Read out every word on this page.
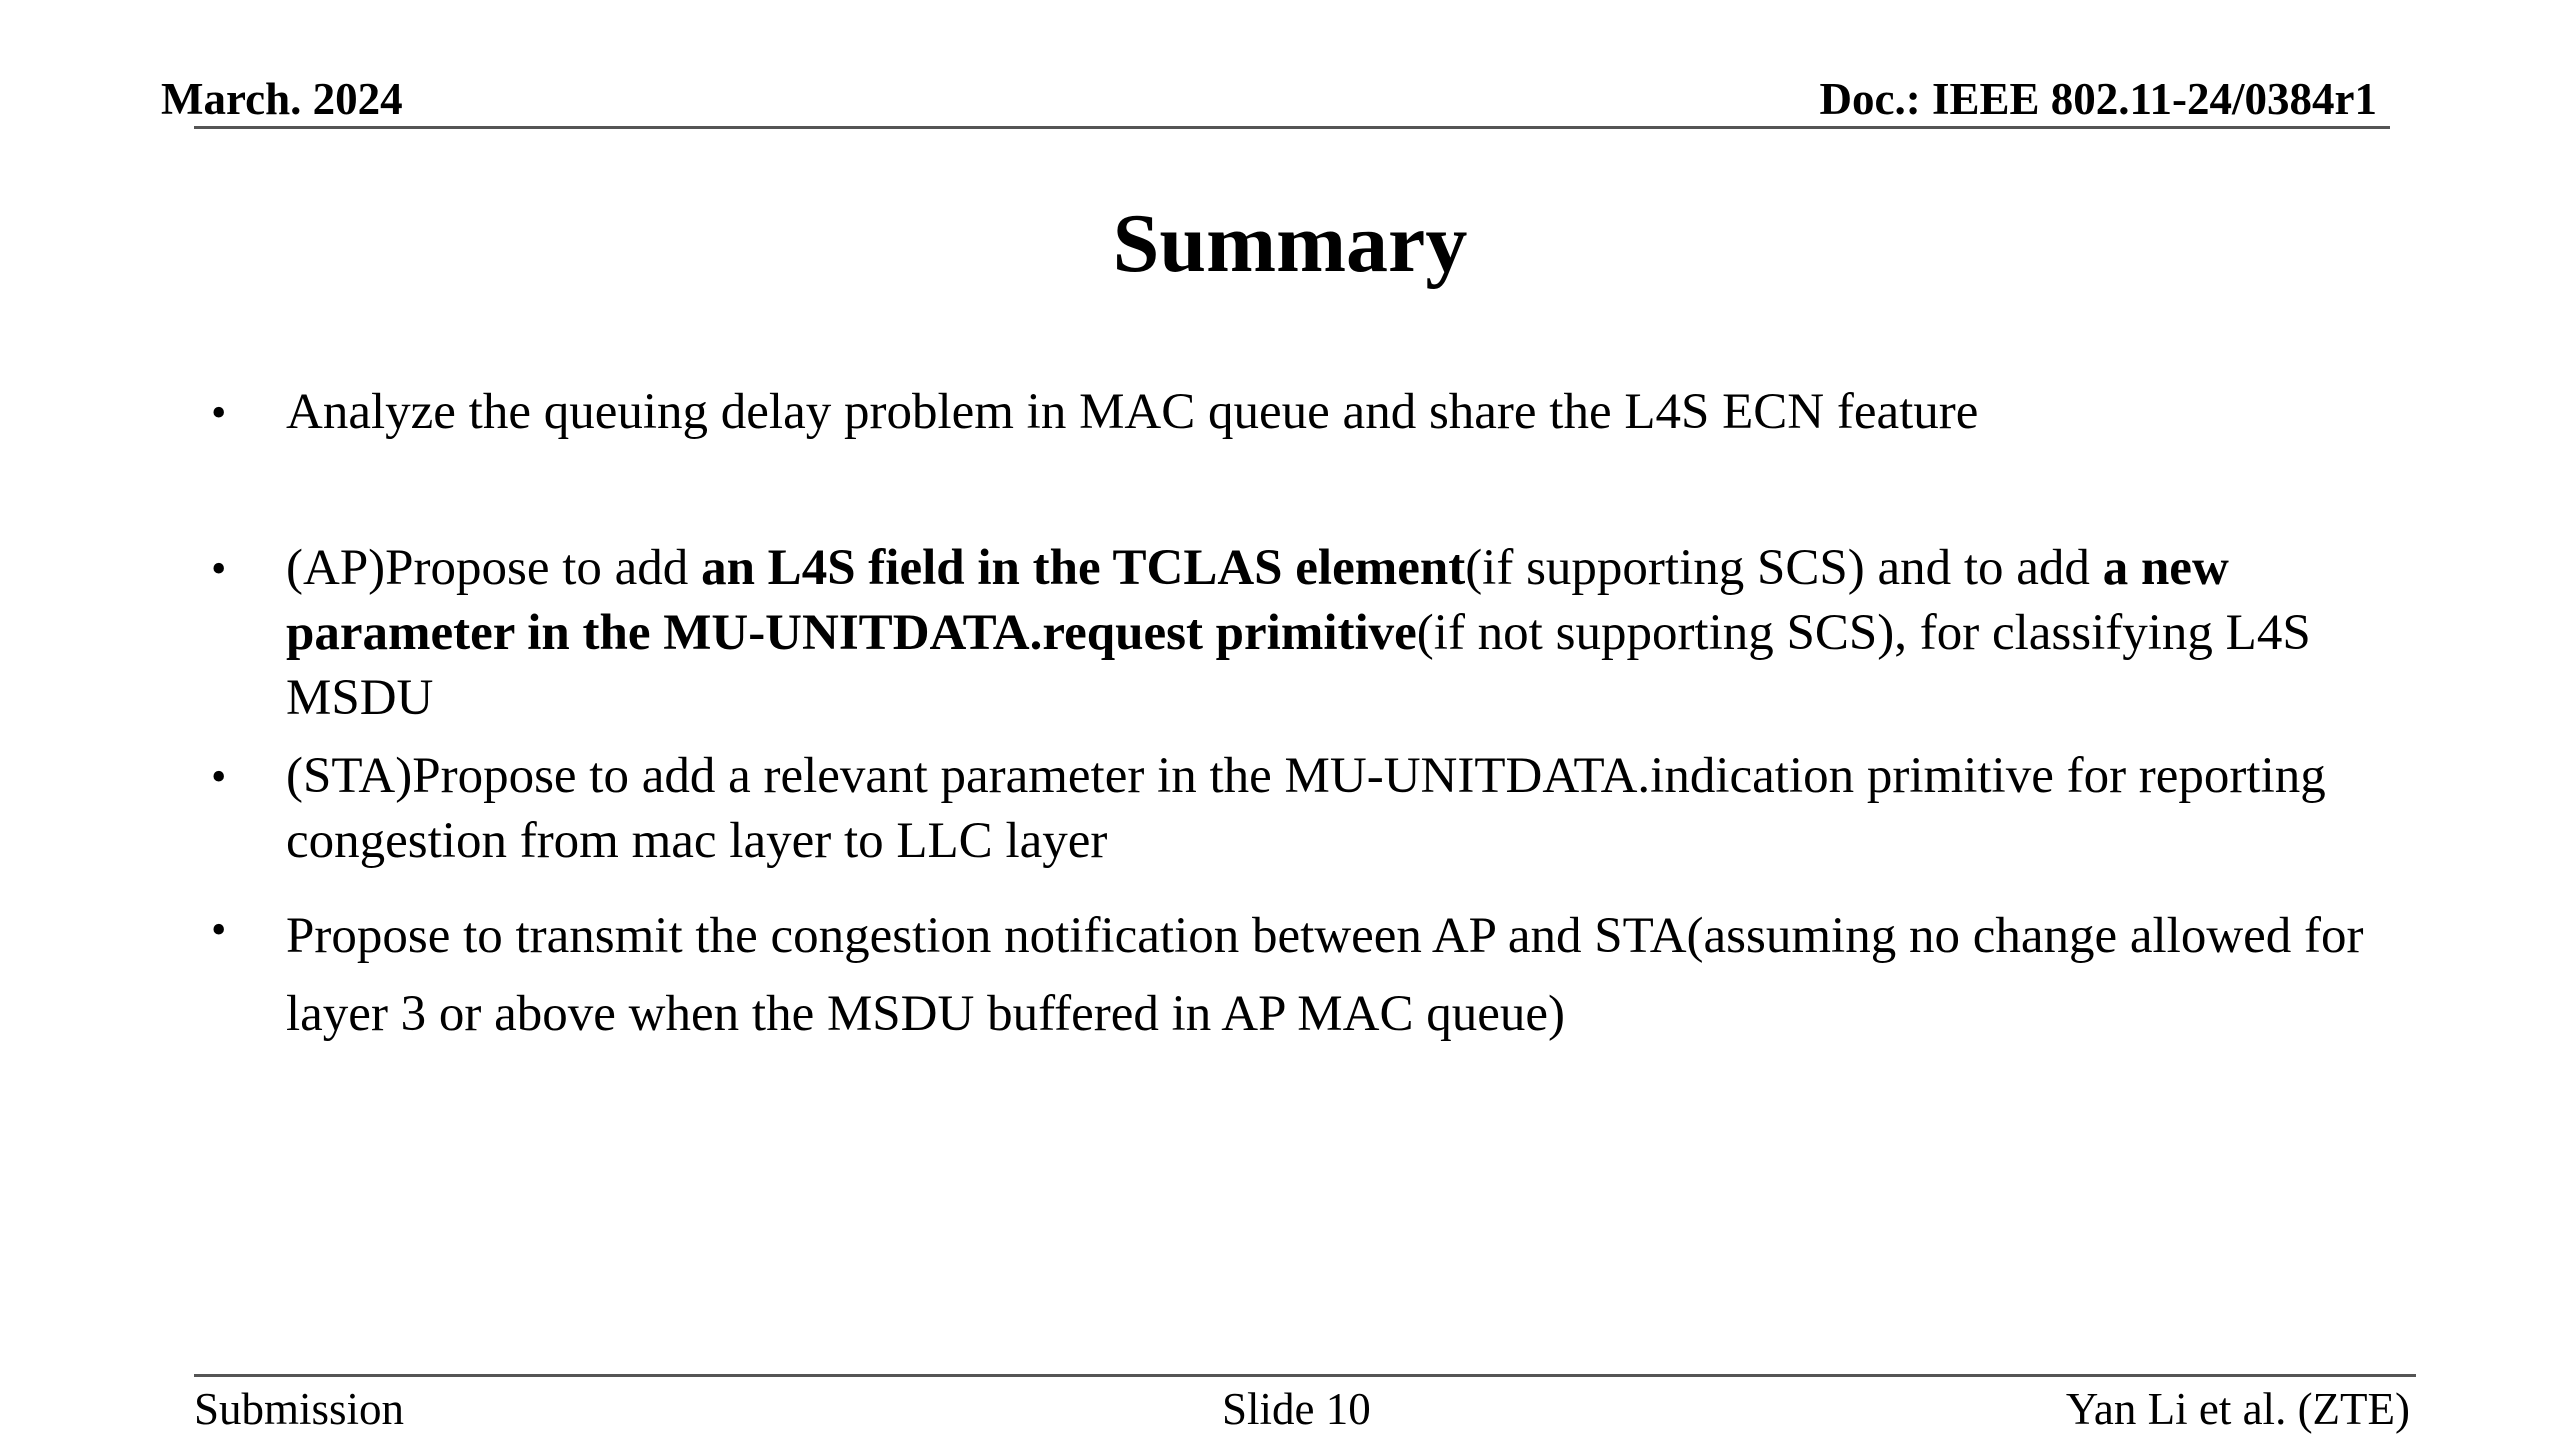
March. 2024	Doc.: IEEE 802.11-24/0384r1
Summary
• Analyze the queuing delay problem in MAC queue and share the L4S ECN feature
• (AP)Propose to add an L4S field in the TCLAS element(if supporting SCS) and to add a new parameter in the MU-UNITDATA.request primitive(if not supporting SCS), for classifying L4S MSDU
• (STA)Propose to add a relevant parameter in the MU-UNITDATA.indication primitive for reporting congestion from mac layer to LLC layer
• Propose to transmit the congestion notification between AP and STA(assuming no change allowed for layer 3 or above when the MSDU buffered in AP MAC queue)
Submission	Slide 10	Yan Li et al. (ZTE)
